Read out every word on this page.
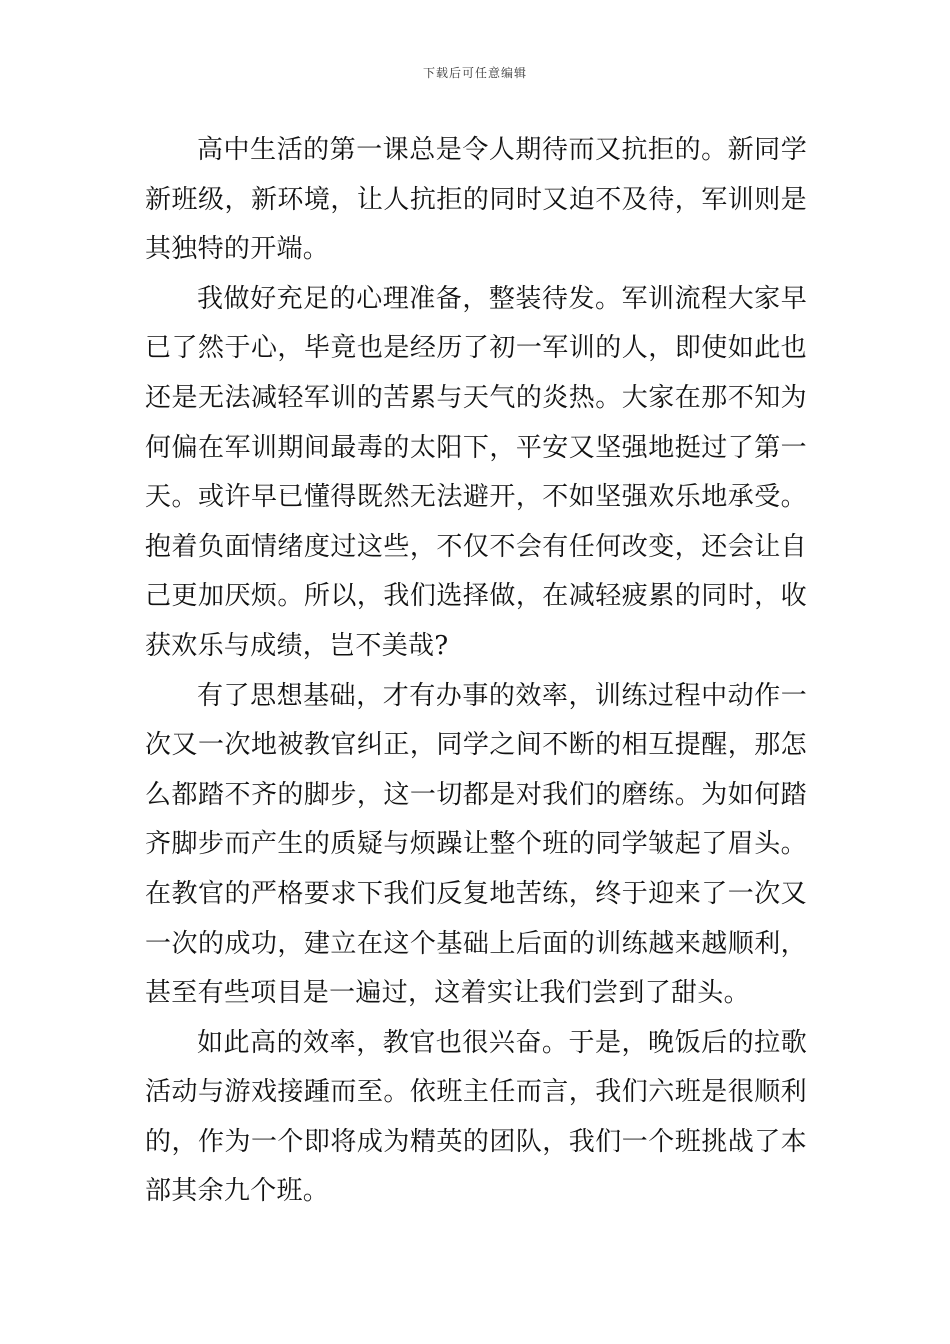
下载后可任意编辑

高中生活的第一课总是令人期待而又抗拒的。新同学新班级，新环境，让人抗拒的同时又迫不及待，军训则是其独特的开端。

我做好充足的心理准备，整装待发。军训流程大家早已了然于心，毕竟也是经历了初一军训的人，即使如此也还是无法减轻军训的苦累与天气的炎热。大家在那不知为何偏在军训期间最毒的太阳下，平安又坚强地挺过了第一天。或许早已懂得既然无法避开，不如坚强欢乐地承受。抱着负面情绪度过这些，不仅不会有任何改变，还会让自己更加厌烦。所以，我们选择做，在减轻疲累的同时，收获欢乐与成绩，岂不美哉?

有了思想基础，才有办事的效率，训练过程中动作一次又一次地被教官纠正，同学之间不断的相互提醒，那怎么都踏不齐的脚步，这一切都是对我们的磨练。为如何踏齐脚步而产生的质疑与烦躁让整个班的同学皱起了眉头。在教官的严格要求下我们反复地苦练，终于迎来了一次又一次的成功，建立在这个基础上后面的训练越来越顺利，甚至有些项目是一遍过，这着实让我们尝到了甜头。

如此高的效率，教官也很兴奋。于是，晚饭后的拉歌活动与游戏接踵而至。依班主任而言，我们六班是很顺利的，作为一个即将成为精英的团队，我们一个班挑战了本部其余九个班。
